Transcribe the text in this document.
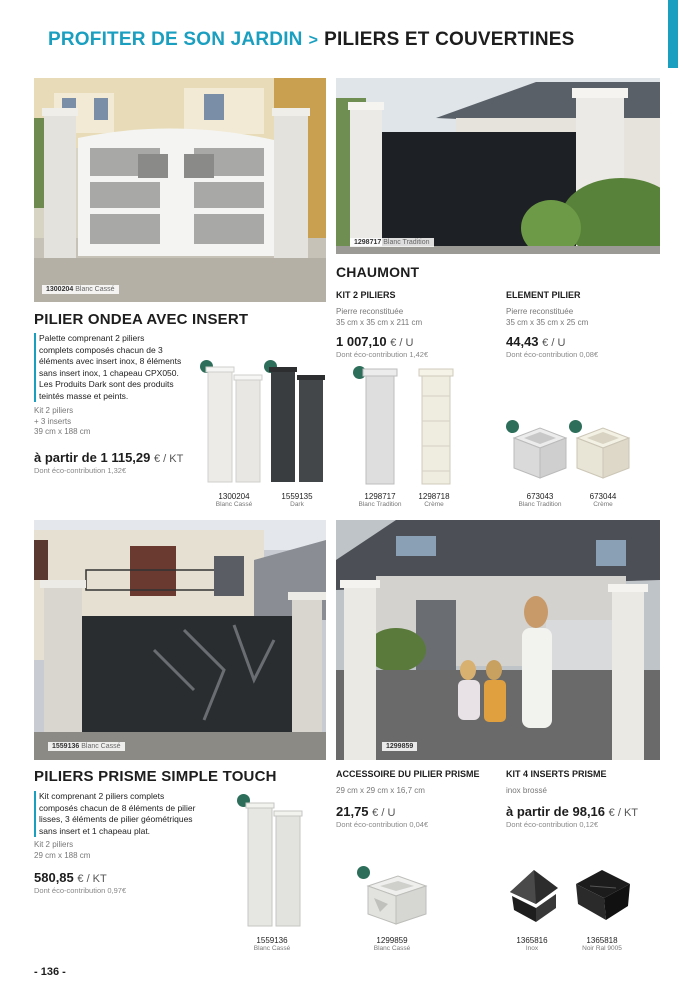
PROFITER DE SON JARDIN > PILIERS ET COUVERTINES
1300204 Blanc Cassé
1298717 Blanc Tradition
PILIER ONDEA AVEC INSERT
Palette comprenant 2 piliers
complets composés chacun de 3
éléments avec insert inox, 8 éléments
sans insert inox, 1 chapeau CPX050.
Les Produits Dark sont des produits
teintés masse et peints.
Kit 2 piliers
+ 3 inserts
39 cm x 188 cm
à partir de 1 115,29 € / KT
Dont éco-contribution 1,32€
1300204
Blanc Cassé
1559135
Dark
CHAUMONT
KIT 2 PILIERS
Pierre reconstituée
35 cm x 35 cm x 211 cm
1 007,10 € / U
Dont éco-contribution 1,42€
ELEMENT PILIER
Pierre reconstituée
35 cm x 35 cm x 25 cm
44,43 € / U
Dont éco-contribution 0,08€
1298717
Blanc Tradition
1298718
Crème
673043
Blanc Tradition
673044
Crème
1559136 Blanc Cassé	1299859
PILIERS PRISME SIMPLE TOUCH
Kit comprenant 2 piliers complets
composés chacun de 8 éléments de pilier
lisses, 3 éléments de pilier géométriques
sans insert et 1 chapeau plat.
Kit 2 piliers
29 cm x 188 cm
580,85 € / KT
Dont éco-contribution 0,97€
1559136
Blanc Cassé
ACCESSOIRE DU PILIER PRISME
29 cm x 29 cm x 16,7 cm
21,75 € / U
Dont éco-contribution 0,04€
1299859
Blanc Cassé
KIT 4 INSERTS PRISME
inox brossé
à partir de 98,16 € / KT
Dont éco-contribution 0,12€
1365816
Inox
1365818
Noir Ral 9005
- 136 -
